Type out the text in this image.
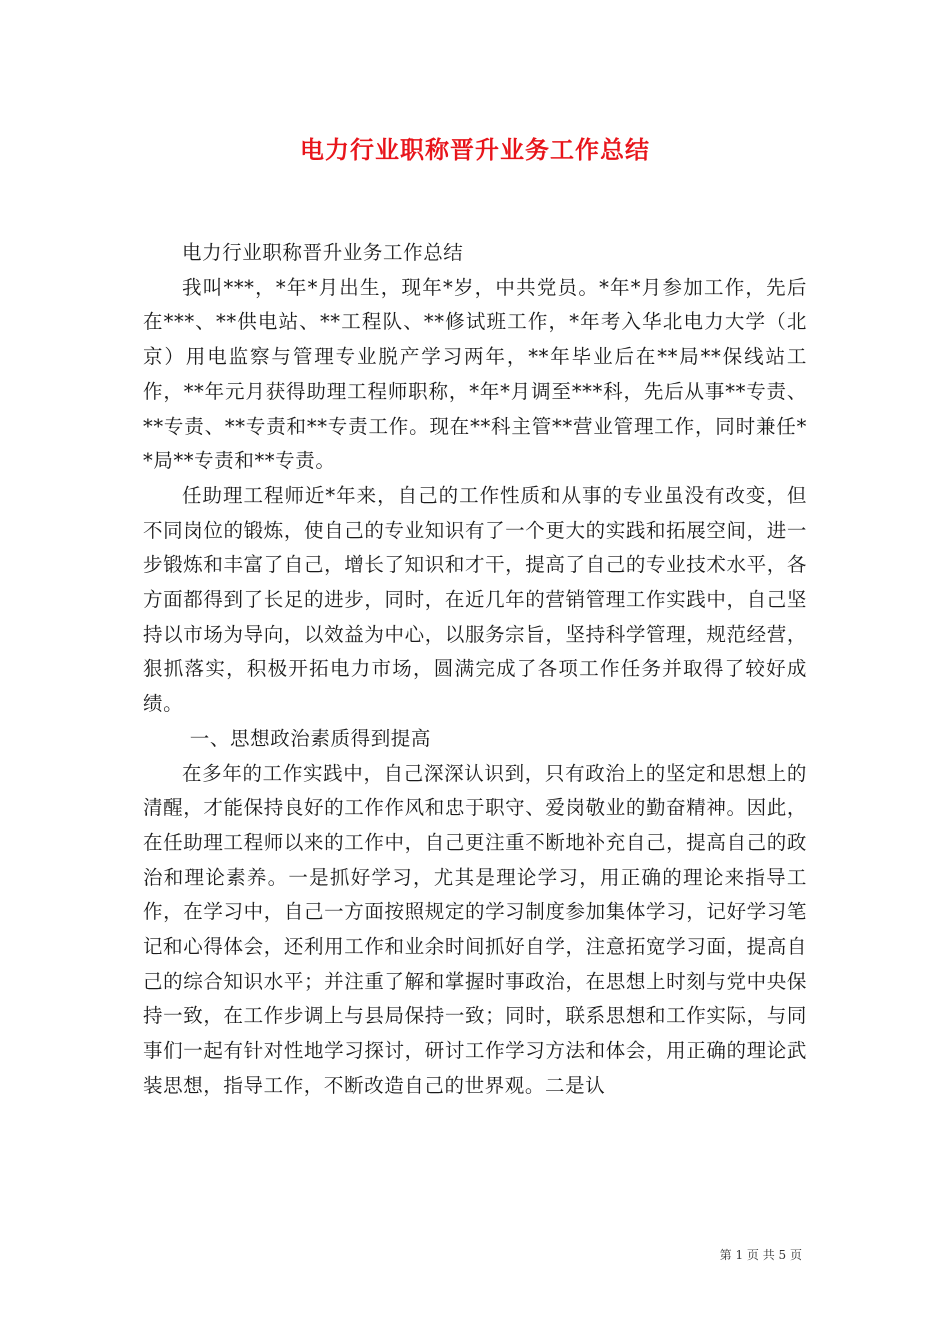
电力行业职称晋升业务工作总结

电力行业职称晋升业务工作总结

我叫***，*年*月出生，现年*岁，中共党员。*年*月参加工作，先后在***、**供电站、**工程队、**修试班工作，*年考入华北电力大学（北京）用电监察与管理专业脱产学习两年，**年毕业后在**局**保线站工作，**年元月获得助理工程师职称，*年*月调至***科，先后从事**专责、**专责、**专责和**专责工作。现在**科主管**营业管理工作，同时兼任**局**专责和**专责。

任助理工程师近*年来，自己的工作性质和从事的专业虽没有改变，但不同岗位的锻炼，使自己的专业知识有了一个更大的实践和拓展空间，进一步锻炼和丰富了自己，增长了知识和才干，提高了自己的专业技术水平，各方面都得到了长足的进步，同时，在近几年的营销管理工作实践中，自己坚持以市场为导向，以效益为中心，以服务宗旨，坚持科学管理，规范经营，狠抓落实，积极开拓电力市场，圆满完成了各项工作任务并取得了较好成绩。

一、思想政治素质得到提高

在多年的工作实践中，自己深深认识到，只有政治上的坚定和思想上的清醒，才能保持良好的工作作风和忠于职守、爱岗敬业的勤奋精神。因此，在任助理工程师以来的工作中，自己更注重不断地补充自己，提高自己的政治和理论素养。一是抓好学习，尤其是理论学习，用正确的理论来指导工作，在学习中，自己一方面按照规定的学习制度参加集体学习，记好学习笔记和心得体会，还利用工作和业余时间抓好自学，注意拓宽学习面，提高自己的综合知识水平；并注重了解和掌握时事政治，在思想上时刻与党中央保持一致，在工作步调上与县局保持一致；同时，联系思想和工作实际，与同事们一起有针对性地学习探讨，研讨工作学习方法和体会，用正确的理论武装思想，指导工作，不断改造自己的世界观。二是认

第 1 页 共 5 页
